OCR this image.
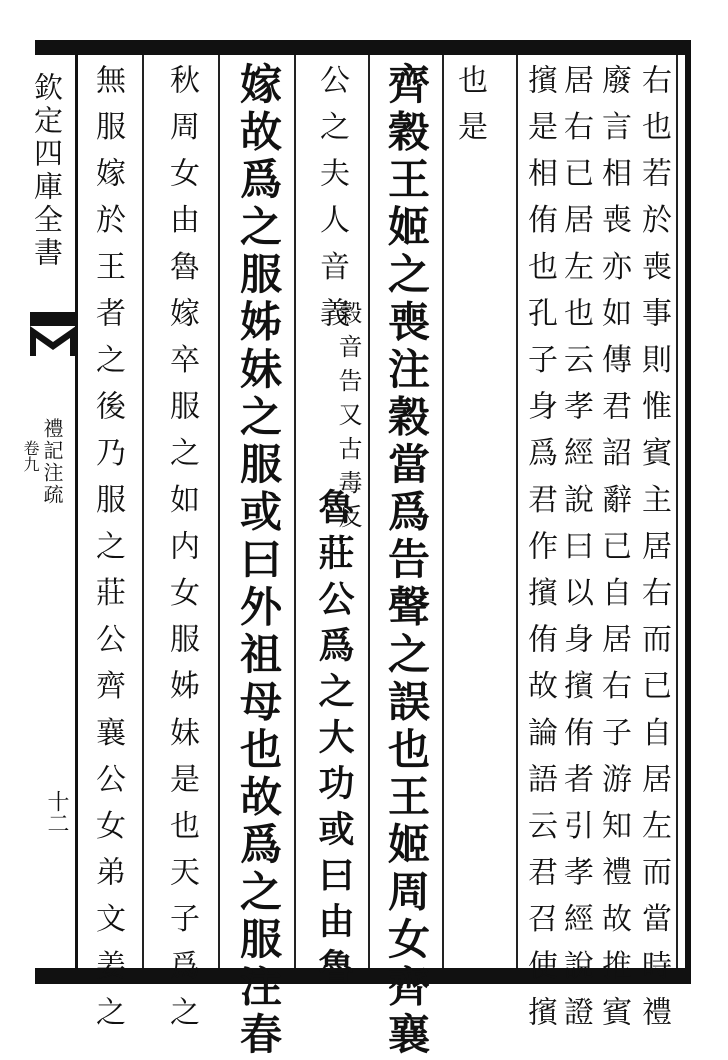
欽定四庫全書
禮記注疏
卷九
十二	右也若於喪事則惟賓主居右而已自居左而當時禮
廢言相喪亦如傳君詔辭已自居右子游知禮故推賓
居右已居左也云孝經說曰以身擯侑者引孝經說證
擯是相侑也孔子身爲君作擯侑故論語云君召使擯
也是
齊穀王姬之喪注穀當爲告聲之誤也王姬周女齊襄
公之夫人音義
穀音告又古毒反
魯莊公爲之大功或曰由魯
嫁故爲之服姊妹之服或曰外祖母也故爲之服注春
秋周女由魯嫁卒服之如内女服姊妹是也天子爲之
無服嫁於王者之後乃服之莊公齊襄公女弟文姜之
